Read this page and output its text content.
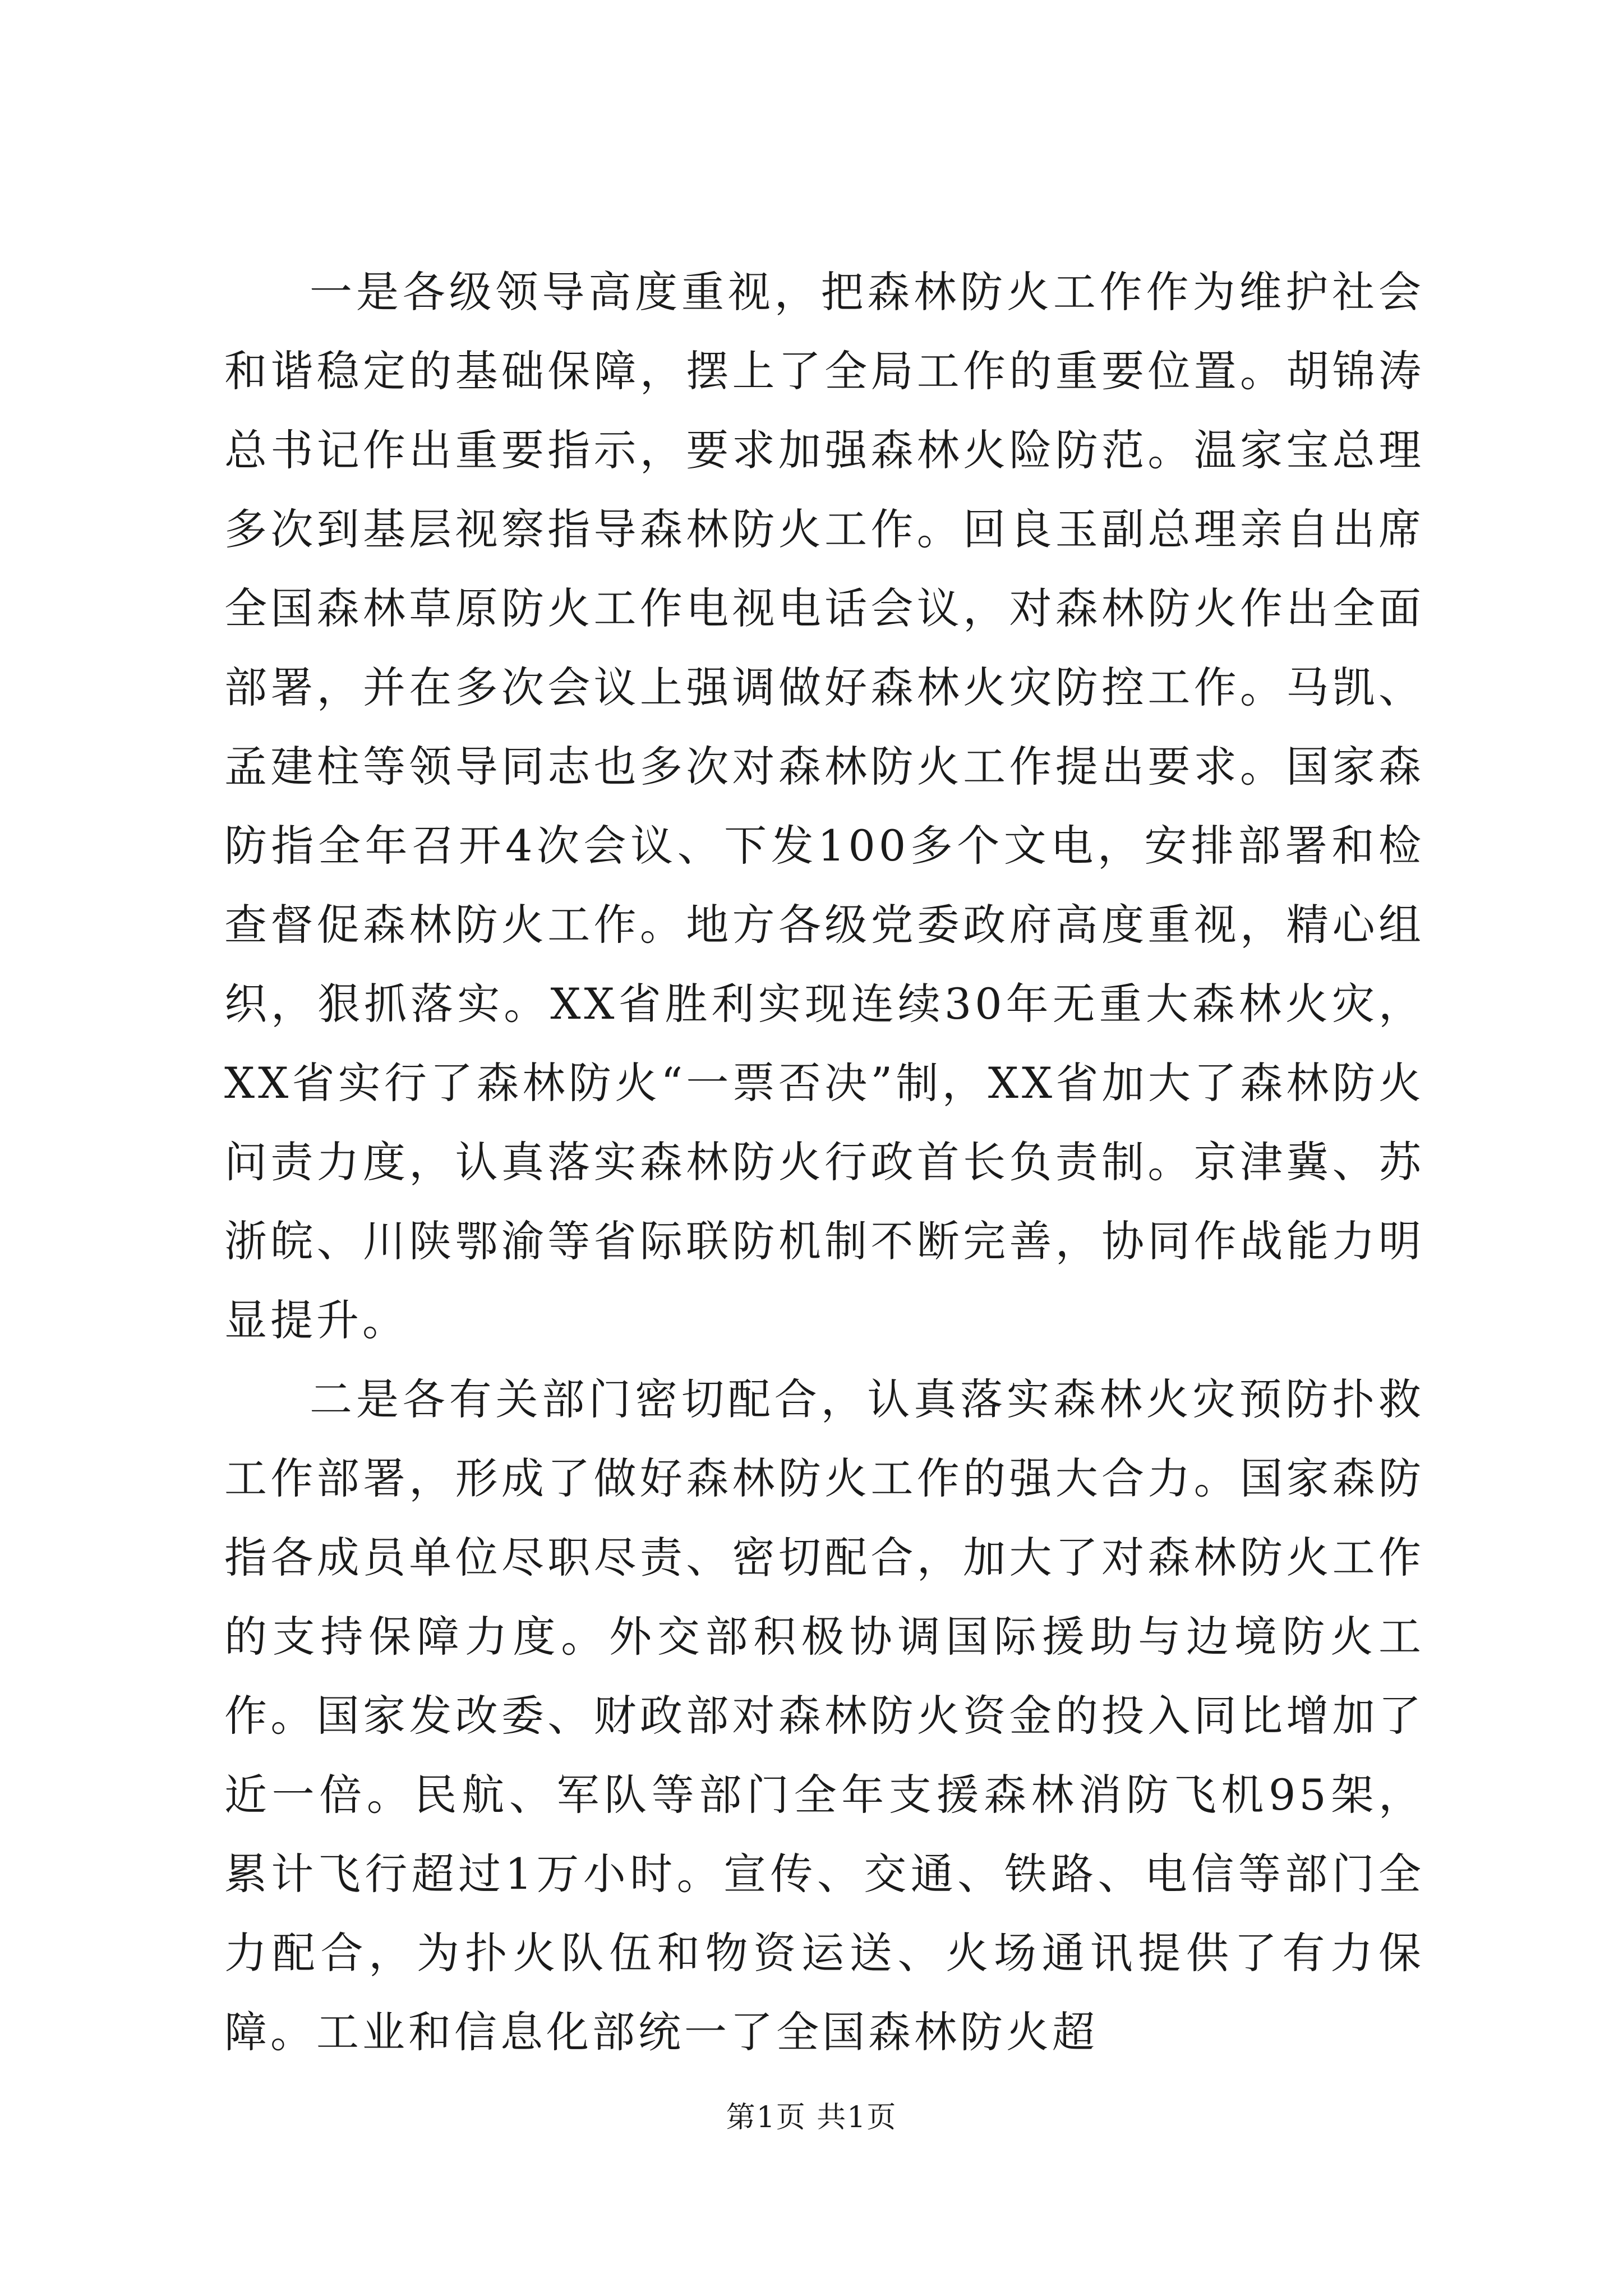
一是各级领导高度重视，把森林防火工作作为维护社会和谐稳定的基础保障，摆上了全局工作的重要位置。胡锦涛总书记作出重要指示，要求加强森林火险防范。温家宝总理多次到基层视察指导森林防火工作。回良玉副总理亲自出席全国森林草原防火工作电视电话会议，对森林防火作出全面部署，并在多次会议上强调做好森林火灾防控工作。马凯、孟建柱等领导同志也多次对森林防火工作提出要求。国家森防指全年召开4次会议、下发100多个文电，安排部署和检查督促森林防火工作。地方各级党委政府高度重视，精心组织，狠抓落实。XX省胜利实现连续30年无重大森林火灾，XX省实行了森林防火“一票否决”制，XX省加大了森林防火问责力度，认真落实森林防火行政首长负责制。京津冀、苏浙皖、川陕鄂渝等省际联防机制不断完善，协同作战能力明显提升。

二是各有关部门密切配合，认真落实森林火灾预防扑救工作部署，形成了做好森林防火工作的强大合力。国家森防指各成员单位尽职尽责、密切配合，加大了对森林防火工作的支持保障力度。外交部积极协调国际援助与边境防火工作。国家发改委、财政部对森林防火资金的投入同比增加了近一倍。民航、军队等部门全年支援森林消防飞机95架，累计飞行超过1万小时。宣传、交通、铁路、电信等部门全力配合，为扑火队伍和物资运送、火场通讯提供了有力保障。工业和信息化部统一了全国森林防火超

第1页 共1页
